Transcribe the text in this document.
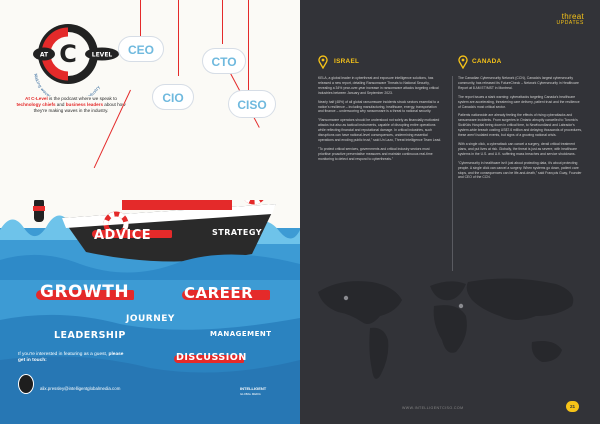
C
AT	LEVEL
Making wave dustry
At C-Level is the podcast where we speak to technology chiefs and business leaders about how they're making waves in the industry.
CEO
CTO
CIO	CISO
ADVICE	STRATEGY
GROWTH	CAREER
JOURNEY
LEADERSHIP	MANAGEMENT
DISCUSSION
If you're interested in featuring as a guest, please get in touch:
alix.pressley@intelligentglobalmedia.com	INTELLIGENT
GLOBAL MEDIA
threat
UPDATES
ISRAEL

KELA, a global leader in cyberthreat and exposure intelligence solutions, has released a new report, detailing Ransomware Threats to National Security, revealing a 34% year-over-year increase in ransomware attacks targeting critical industries between January and September 2023.

Nearly half (48%) of all global ransomware incidents struck sectors essential to a nation's resilience – including manufacturing, healthcare, energy, transportation and finance – underscoring why ransomware is a threat to national security.

"Ransomware operators should be understood not solely as financially motivated attacks but also as tactical instruments, capable of disrupting entire operations while reflecting financial and reputational damage. In critical industries, such disruptions can have national-level consequences, undermining essential operations and eroding public trust," said Un Lazo, Threat Intelligence Team Lead.

"To protect critical services, governments and critical industry sectors must prioritise proactive preventative measures and maintain continuous real-time monitoring to detect and respond to cyberthreats."

CANADA

The Canadian Cybersecurity Network (CCN), Canada's largest cybersecurity community, has released its FutureCheck – Network Cybersecurity in Healthcare Report at 8 AM ET/MST in Montreal.

The report issues a stark warning: cyberattacks targeting Canada's healthcare system are accelerating, threatening care delivery, patient trust and the resilience of Canada's most critical sector.

Patients nationwide are already feeling the effects of rising cyberattacks and ransomware incidents. From surgeries in Ontario abruptly cancelled to Toronto's SickKids Hospital being down in critical time, to Newfoundland and Labrador's system-wide breach costing US$7.6 million and delaying thousands of procedures, these aren't isolated events, but signs of a growing national crisis.

With a single click, a cyberattack can cancel a surgery, derail critical treatment plans, and put lives at risk. Globally, the threat is just as severe, with healthcare systems in the U.S. and U.K. suffering mass breaches and service shutdowns.

"Cybersecurity in healthcare isn't just about protecting data, it's about protecting people. A single click can cancel a surgery. When systems go down, patient care stops, and the consequences can be life-and-death," said François Guay, Founder and CEO of the CCN.

WWW.INTELLIGENTCISO.COM	21
